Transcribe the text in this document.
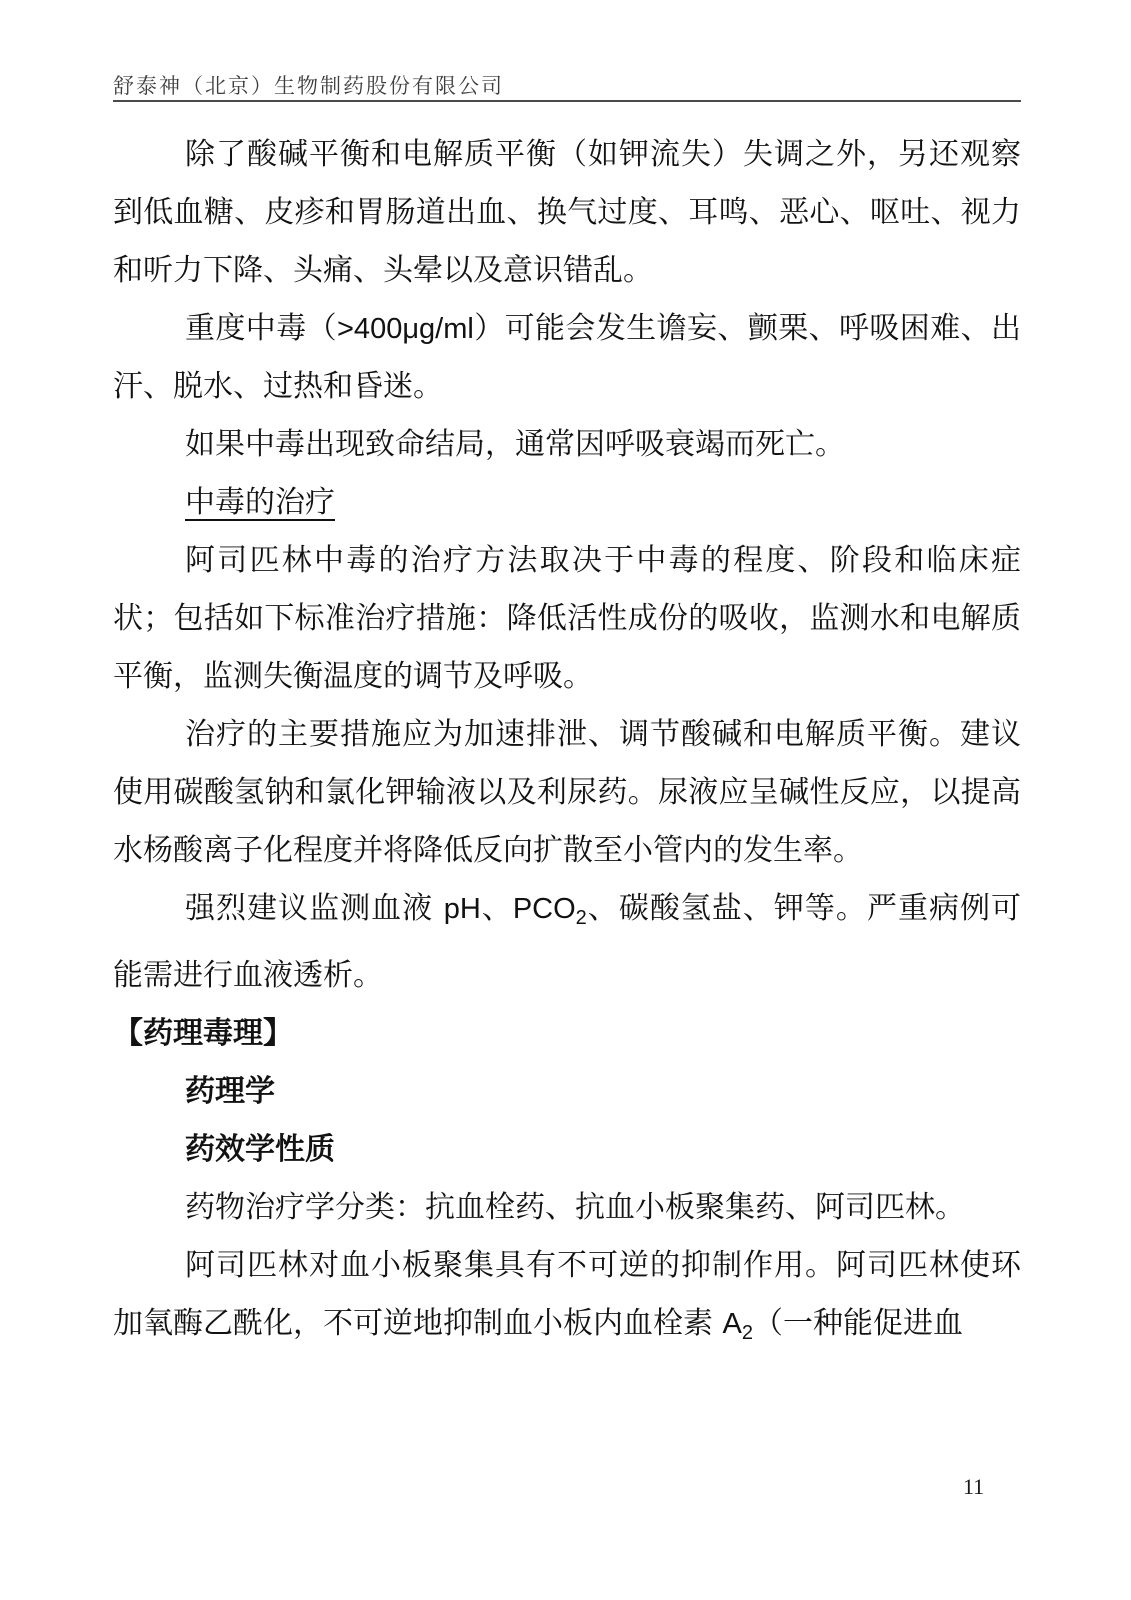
舒泰神（北京）生物制药股份有限公司
除了酸碱平衡和电解质平衡（如钾流失）失调之外，另还观察到低血糖、皮疹和胃肠道出血、换气过度、耳鸣、恶心、呕吐、视力和听力下降、头痛、头晕以及意识错乱。
重度中毒（>400μg/ml）可能会发生谵妄、颤栗、呼吸困难、出汗、脱水、过热和昏迷。
如果中毒出现致命结局，通常因呼吸衰竭而死亡。
中毒的治疗
阿司匹林中毒的治疗方法取决于中毒的程度、阶段和临床症状；包括如下标准治疗措施：降低活性成份的吸收，监测水和电解质平衡，监测失衡温度的调节及呼吸。
治疗的主要措施应为加速排泄、调节酸碱和电解质平衡。建议使用碳酸氢钠和氯化钾输液以及利尿药。尿液应呈碱性反应，以提高水杨酸离子化程度并将降低反向扩散至小管内的发生率。
强烈建议监测血液 pH、$PCO_2$、碳酸氢盐、钾等。严重病例可能需进行血液透析。
【药理毒理】
药理学
药效学性质
药物治疗学分类：抗血栓药、抗血小板聚集药、阿司匹林。
阿司匹林对血小板聚集具有不可逆的抑制作用。阿司匹林使环加氧酶乙酰化，不可逆地抑制血小板内血栓素 $A_2$（一种能促进血
11
